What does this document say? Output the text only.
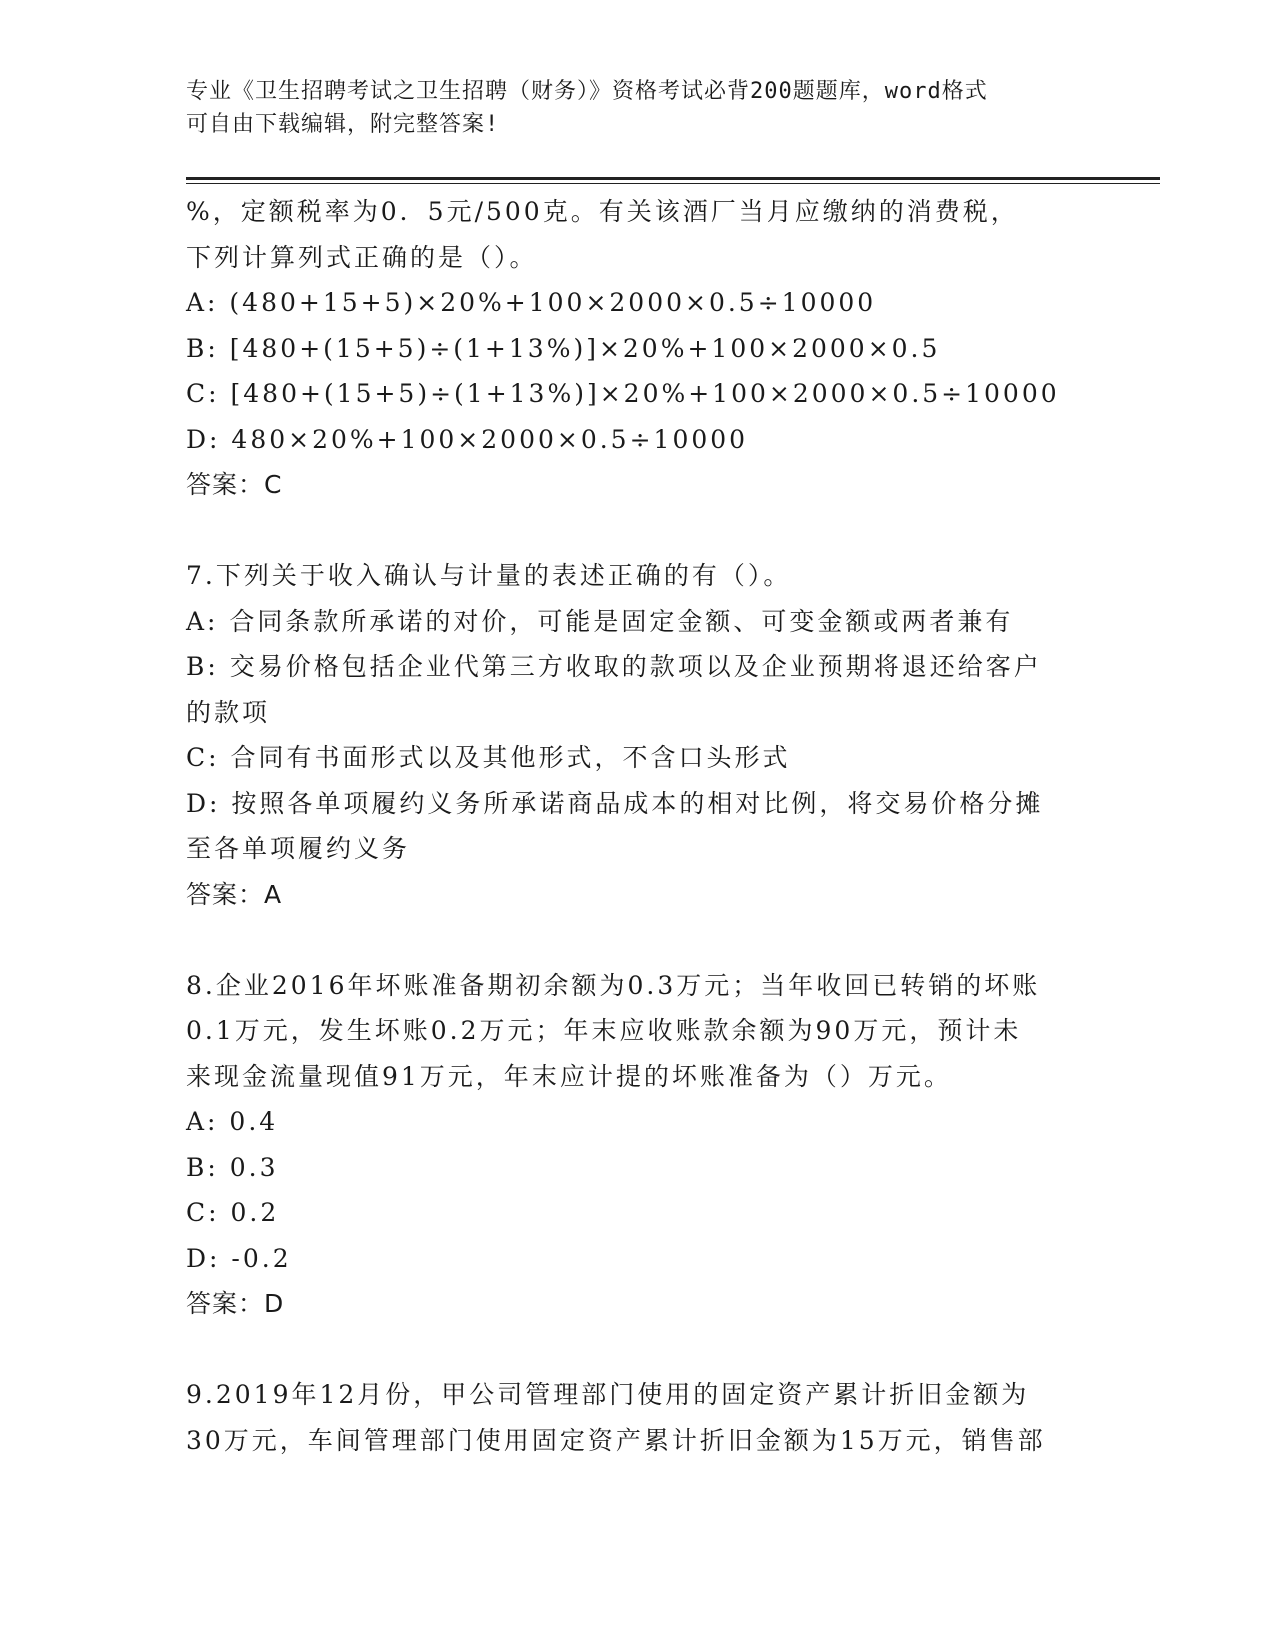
专业《卫生招聘考试之卫生招聘（财务）》资格考试必背200题题库，word格式
可自由下载编辑，附完整答案!
%，定额税率为0．5元/500克。有关该酒厂当月应缴纳的消费税，
下列计算列式正确的是（）。
A: (480+15+5)×20%+100×2000×0.5÷10000
B: [480+(15+5)÷(1+13%)]×20%+100×2000×0.5
C: [480+(15+5)÷(1+13%)]×20%+100×2000×0.5÷10000
D: 480×20%+100×2000×0.5÷10000
答案：C
7.下列关于收入确认与计量的表述正确的有（）。
A: 合同条款所承诺的对价，可能是固定金额、可变金额或两者兼有
B: 交易价格包括企业代第三方收取的款项以及企业预期将退还给客户
的款项
C: 合同有书面形式以及其他形式，不含口头形式
D: 按照各单项履约义务所承诺商品成本的相对比例，将交易价格分摊
至各单项履约义务
答案：A
8.企业2016年坏账准备期初余额为0.3万元；当年收回已转销的坏账
0.1万元，发生坏账0.2万元；年末应收账款余额为90万元，预计未
来现金流量现值91万元，年末应计提的坏账准备为（）万元。
A: 0.4
B: 0.3
C: 0.2
D: -0.2
答案：D
9.2019年12月份，甲公司管理部门使用的固定资产累计折旧金额为
30万元，车间管理部门使用固定资产累计折旧金额为15万元，销售部
